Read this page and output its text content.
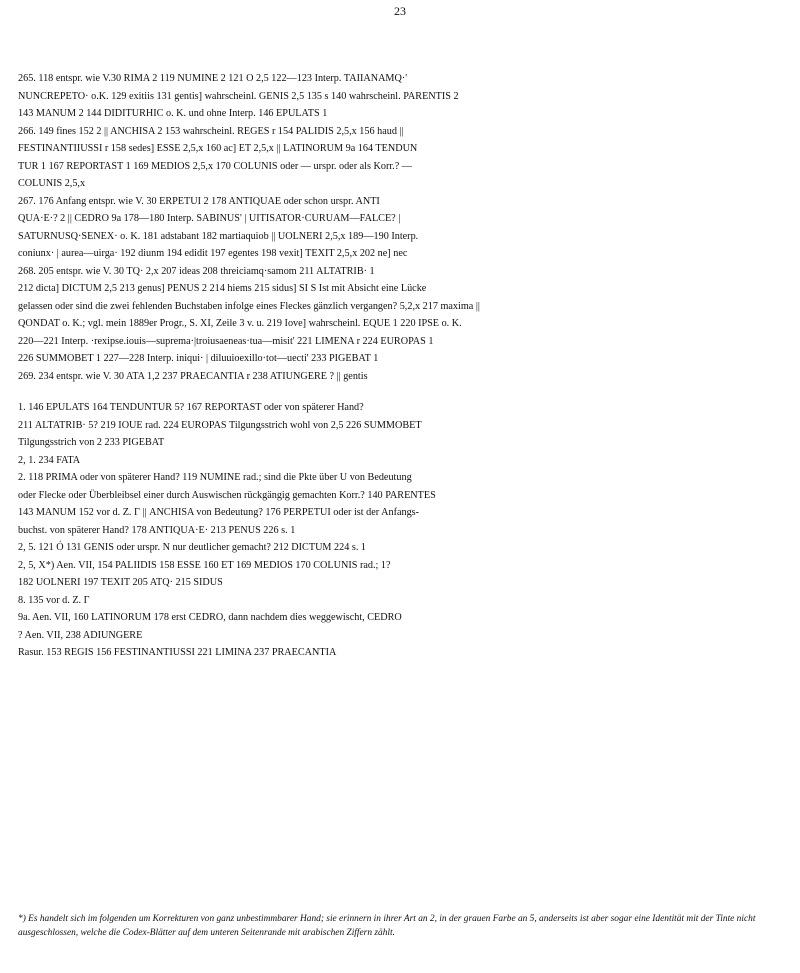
23

265. 118 entspr. wie V.30 RIMA 2 119 NUMINE 2 121 O 2,5 122—123 Interp. TAIIANAMQ·'

NUNCREPETO· o.K. 129 exitiis 131 gentis] wahrscheinl. GENIS 2,5 135 s 140 wahrscheinl. PARENTIS 2

143 MANUM 2 144 DIDITURHIC o. K. und ohne Interp. 146 EPULATS 1

266. 149 fines 152 2 || ANCHISA 2 153 wahrscheinl. REGES r 154 PALIDIS 2,5,x 156 haud ||

FESTINANTIIUSSI r 158 sedes] ESSE 2,5,x 160 ac] ET 2,5,x || LATINORUM 9a 164 TENDUN

TUR 1 167 REPORTAST 1 169 MEDIOS 2,5,x 170 COLUNIS oder — urspr. oder als Korr.? —

COLUNIS 2,5,x

267. 176 Anfang entspr. wie V. 30 ERPETUI 2 178 ANTIQUAE oder schon urspr. ANTI

QUA·E·? 2 || CEDRO 9a 178—180 Interp. SABINUS' | UITISATOR·CURUAM—FALCE? |

SATURNUSQ·SENEX· o. K. 181 adstabant 182 martiaquiob || UOLNERI 2,5,x 189—190 Interp.

coniunx· | aurea—uirga· 192 diunm 194 edidit 197 egentes 198 vexit] TEXIT 2,5,x 202 ne] nec

268. 205 entspr. wie V. 30 TQ· 2,x 207 ideas 208 threiciamq·samom 211 ALTATRIB· 1

212 dicta] DICTUM 2,5 213 genus] PENUS 2 214 hiems 215 sidus] SI S Ist mit Absicht eine Lücke

gelassen oder sind die zwei fehlenden Buchstaben infolge eines Fleckes gänzlich vergangen? 5,2,x 217 maxima ||

QONDAT o. K.; vgl. mein 1889er Progr., S. XI, Zeile 3 v. u. 219 Iove] wahrscheinl. EQUE 1 220 IPSE o. K.

220—221 Interp. ·rexipse.iouis—suprema·|troiusaeneas·tua—misit' 221 LIMENA r 224 EUROPAS 1

226 SUMMOBET 1 227—228 Interp. iniqui· | diluuioexillo·tot—uecti' 233 PIGEBAT 1

269. 234 entspr. wie V. 30 ATA 1,2 237 PRAECANTIA r 238 ATIUNGERE ? || gentis

1. 146 EPULATS 164 TENDUNTUR 5? 167 REPORTAST oder von späterer Hand?

211 ALTATRIB· 5? 219 IOUE rad. 224 EUROPAS Tilgungsstrich wohl von 2,5 226 SUMMOBET

Tilgungsstrich von 2 233 PIGEBAT

2, 1. 234 FATA

2. 118 PRIMA oder von späterer Hand? 119 NUMINE rad.; sind die Pkte über U von Bedeutung

oder Flecke oder Überbleibsel einer durch Auswischen rückgängig gemachten Korr.? 140 PARENTES

143 MANUM 152 vor d. Z. Γ || ANCHISA von Bedeutung? 176 PERPETUI oder ist der Anfangs-

buchst. von späterer Hand? 178 ANTIQUA·E· 213 PENUS 226 s. 1

2, 5. 121 Ó 131 GENIS oder urspr. N nur deutlicher gemacht? 212 DICTUM 224 s. 1

2, 5, X*) Aen. VII, 154 PALIIDIS 158 ESSE 160 ET 169 MEDIOS 170 COLUNIS rad.; 1?

182 UOLNERI 197 TEXIT 205 ATQ· 215 SIDUS

8. 135 vor d. Z. Γ

9a. Aen. VII, 160 LATINORUM 178 erst CEDRO, dann nachdem dies weggewischt, CEDRO

? Aen. VII, 238 ADIUNGERE

Rasur. 153 REGIS 156 FESTINANTIUSSI 221 LIMINA 237 PRAECANTIA

*) Es handelt sich im folgenden um Korrekturen von ganz unbestimmbarer Hand; sie erinnern in ihrer Art an 2, in der grauen Farbe an 5, anderseits ist aber sogar eine Identität mit der Tinte nicht ausgeschlossen, welche die Codex-Blätter auf dem unteren Seitenrande mit arabischen Ziffern zählt.
